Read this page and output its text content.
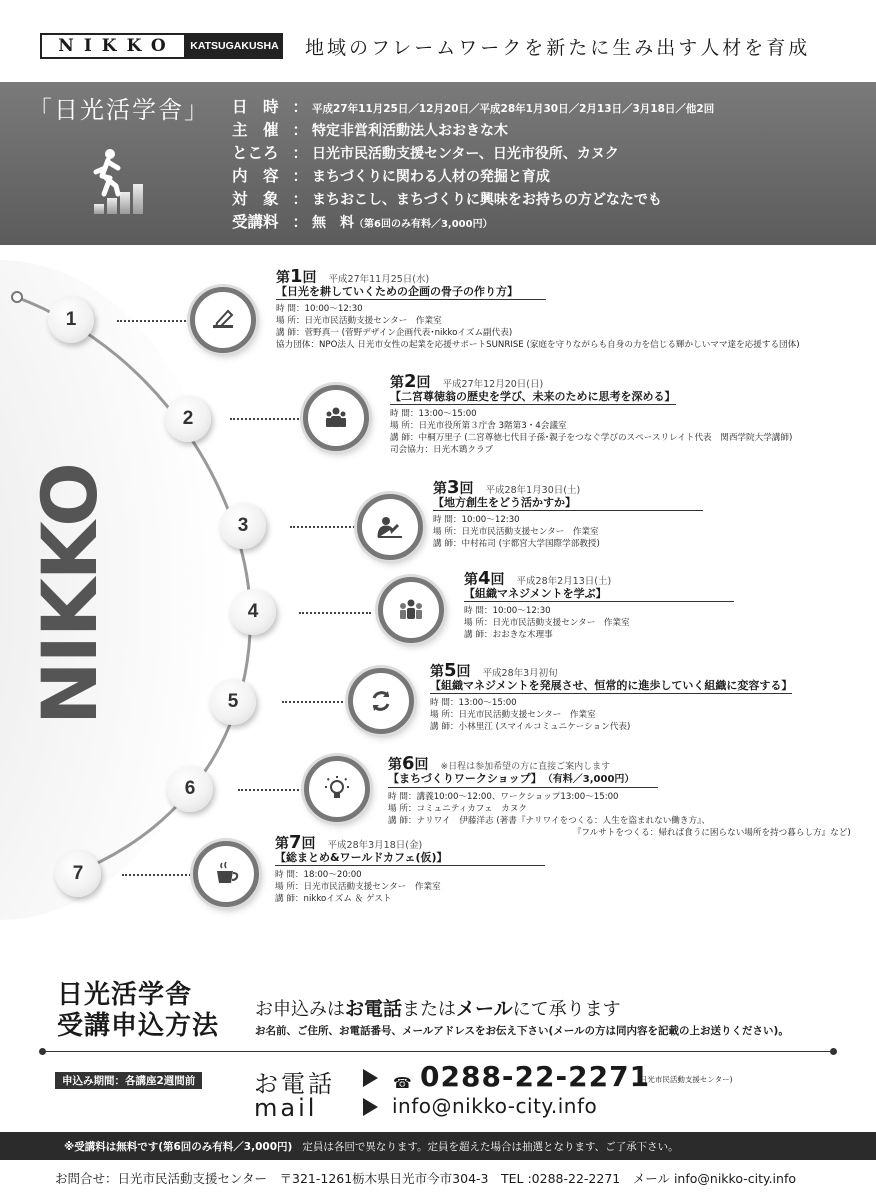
NIKKO	KATSUGAKUSHA 地域のフレームワークを新たに生み出す人材を育成
「日光活学舎」 日　時 ： 平成27年11月25日／12月20日／平成28年1月30日／2月13日／3月18日／他2回
主　催 ： 特定非営利活動法人おおきな木
ところ ： 日光市民活動支援センター、日光市役所、カヌク
内　容 ： まちづくりに関わる人材の発掘と育成
対　象 ： まちおこし、まちづくりに興味をお持ちの方どなたでも
受講料 ： 無　料（第6回のみ有料／3,000円）
1
第1回 平成27年11月25日(水)
【日光を耕していくための企画の骨子の作り方】
時 間：10:00〜12:30
場 所：日光市民活動支援センター　作業室
講 師：菅野真一 (菅野デザイン企画代表･nikkoイズム副代表)
協力団体：NPO法人 日光市女性の起業を応援サポートSUNRISE (家庭を守りながらも自身の力を信じる輝かしいママ達を応援する団体)
2
第2回 平成27年12月20日(日)
【二宮尊徳翁の歴史を学び、未来のために思考を深める】
時 間：13:00〜15:00
場 所：日光市役所第３庁舎 3階第3・4会議室
講 師：中桐万里子 (二宮尊徳七代目子孫･親子をつなぐ学びのスペースリレイト代表　関西学院大学講師)
司会協力：日光木鶏クラブ
3
第3回 平成28年1月30日(土)
【地方創生をどう活かすか】
時 間：10:00〜12:30
場 所：日光市民活動支援センター　作業室
講 師：中村祐司 (宇都宮大学国際学部教授)
4
第4回 平成28年2月13日(土)
【組織マネジメントを学ぶ】
時 間：10:00〜12:30
場 所：日光市民活動支援センター　作業室
講 師：おおきな木理事
5
第5回 平成28年3月初旬
【組織マネジメントを発展させ、恒常的に進歩していく組織に変容する】
時 間：13:00〜15:00
場 所：日光市民活動支援センター　作業室
講 師：小林里江 (スマイルコミュニケーション代表)
6
第6回 ※日程は参加希望の方に直接ご案内します
【まちづくりワークショップ】 （有料／3,000円）
時 間：講義10:00〜12:00、ワークショップ13:00〜15:00
場 所：コミュニティカフェ　カヌク
講 師：ナリワイ　伊藤洋志 (著書『ナリワイをつくる：人生を盗まれない働き方』、
　　　　　　　　　　　　　　　　　　　　　　『フルサトをつくる：帰れば食うに困らない場所を持つ暮らし方』など)
7
第7回 平成28年3月18日(金)
【総まとめ&ワールドカフェ(仮)】
時 間：18:00〜20:00
場 所：日光市民活動支援センター　作業室
講 師：nikkoイズム ＆ ゲスト
日光活学舎
受講申込方法
お申込みはお電話またはメールにて承ります
お名前、ご住所、お電話番号、メールアドレスをお伝え下さい(メールの方は同内容を記載の上お送りください)。
申込み期間：各講座2週間前 お電話	☎ 0288-22-2271
(日光市民活動支援センター)
mail	info@nikko-city.info
※受講料は無料です(第6回のみ有料／3,000円) 定員は各回で異なります。定員を超えた場合は抽選となります、ご了承下さい。
お問合せ：日光市民活動支援センター　〒321-1261栃木県日光市今市304-3　TEL :0288-22-2271　メール info@nikko-city.info
